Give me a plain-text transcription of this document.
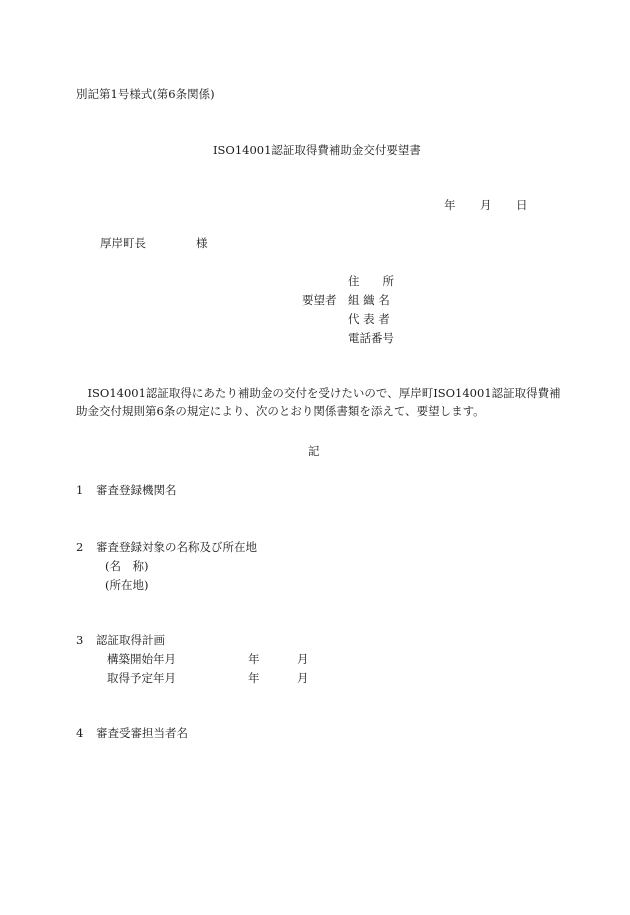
別記第1号様式(第6条関係)
ISO14001認証取得費補助金交付要望書
年 月 日
厚岸町長	様
住　　所
要望者 組 織 名
代 表 者
電話番号

　ISO14001認証取得にあたり補助金の交付を受けたいので、厚岸町ISO14001認証取得費補

助金交付規則第6条の規定により、次のとおり関係書類を添えて、要望します。

記
1 審査登録機関名
2 審査登録対象の名称及び所在地
(名　称)
(所在地)
3 認証取得計画
構築開始年月	年	月
取得予定年月	年	月
4 審査受審担当者名
